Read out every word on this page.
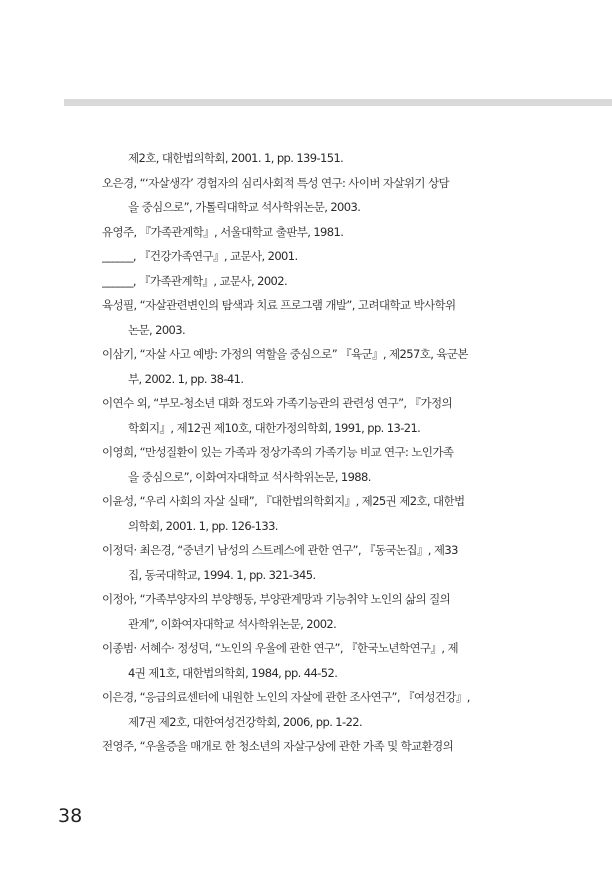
제2호, 대한법의학회, 2001. 1, pp. 139-151.
오은경, “‘자살생각’ 경험자의 심리사회적 특성 연구: 사이버 자살위기 상담
을 중심으로”, 가톨릭대학교 석사학위논문, 2003.
유영주, 『가족관계학』, 서울대학교 출판부, 1981.
______, 『건강가족연구』, 교문사, 2001.
______, 『가족관계학』, 교문사, 2002.
육성필, “자살관련변인의 탐색과 치료 프로그램 개발”, 고려대학교 박사학위
논문, 2003.
이삼기, “자살 사고 예방: 가정의 역할을 중심으로” 『육군』, 제257호, 육군본
부, 2002. 1, pp. 38-41.
이연수 외, “부모-청소년 대화 정도와 가족기능관의 관련성 연구”, 『가정의
학회지』, 제12권 제10호, 대한가정의학회, 1991, pp. 13-21.
이영희, “만성질환이 있는 가족과 정상가족의 가족기능 비교 연구: 노인가족
을 중심으로”, 이화여자대학교 석사학위논문, 1988.
이윤성, “우리 사회의 자살 실태”, 『대한법의학회지』, 제25권 제2호, 대한법
의학회, 2001. 1, pp. 126-133.
이정덕· 최은경, “중년기 남성의 스트레스에 관한 연구”, 『동국논집』, 제33
집, 동국대학교, 1994. 1, pp. 321-345.
이정아, “가족부양자의 부양행동, 부양관계망과 기능취약 노인의 삶의 질의
관계”, 이화여자대학교 석사학위논문, 2002.
이종범· 서혜수· 정성덕, “노인의 우울에 관한 연구”, 『한국노년학연구』, 제
4권 제1호, 대한법의학회, 1984, pp. 44-52.
이은경, “응급의료센터에 내원한 노인의 자살에 관한 조사연구”, 『여성건강』,
제7권 제2호, 대한여성건강학회, 2006, pp. 1-22.
전영주, “우울증을 매개로 한 청소년의 자살구상에 관한 가족 및 학교환경의
38
